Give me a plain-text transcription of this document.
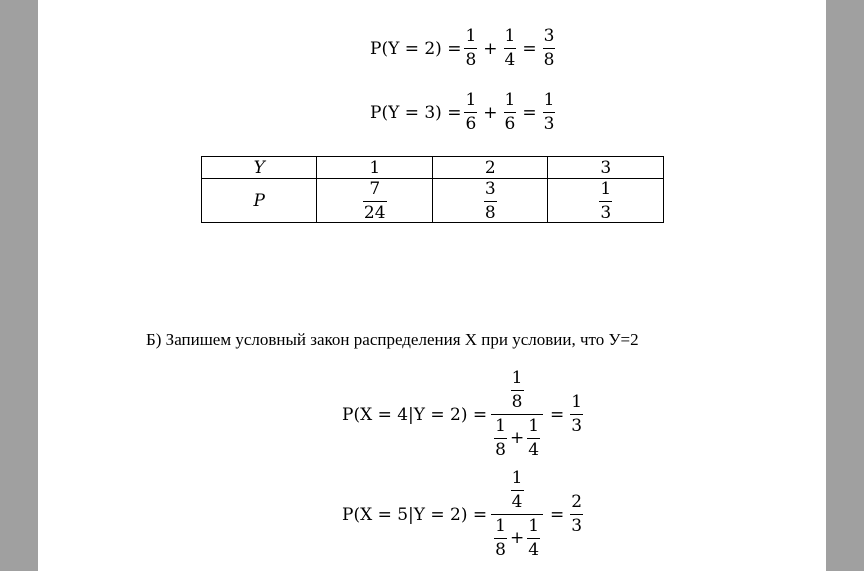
$P(Y = 2) = \frac{1}{8} + \frac{1}{4} = \frac{3}{8}$
$P(Y = 3) = \frac{1}{6} + \frac{1}{6} = \frac{1}{3}$
Y	1	2	3
P	$\frac{7}{24}$	$\frac{3}{8}$	$\frac{1}{3}$
Б) Запишем условный закон распределения X при условии, что У=2
$P(X = 4|Y = 2) = \frac{\frac{1}{8}}{\frac{1}{8} + \frac{1}{4}} = \frac{1}{3}$
$P(X = 5|Y = 2) = \frac{\frac{1}{4}}{\frac{1}{8} + \frac{1}{4}} = \frac{2}{3}$
